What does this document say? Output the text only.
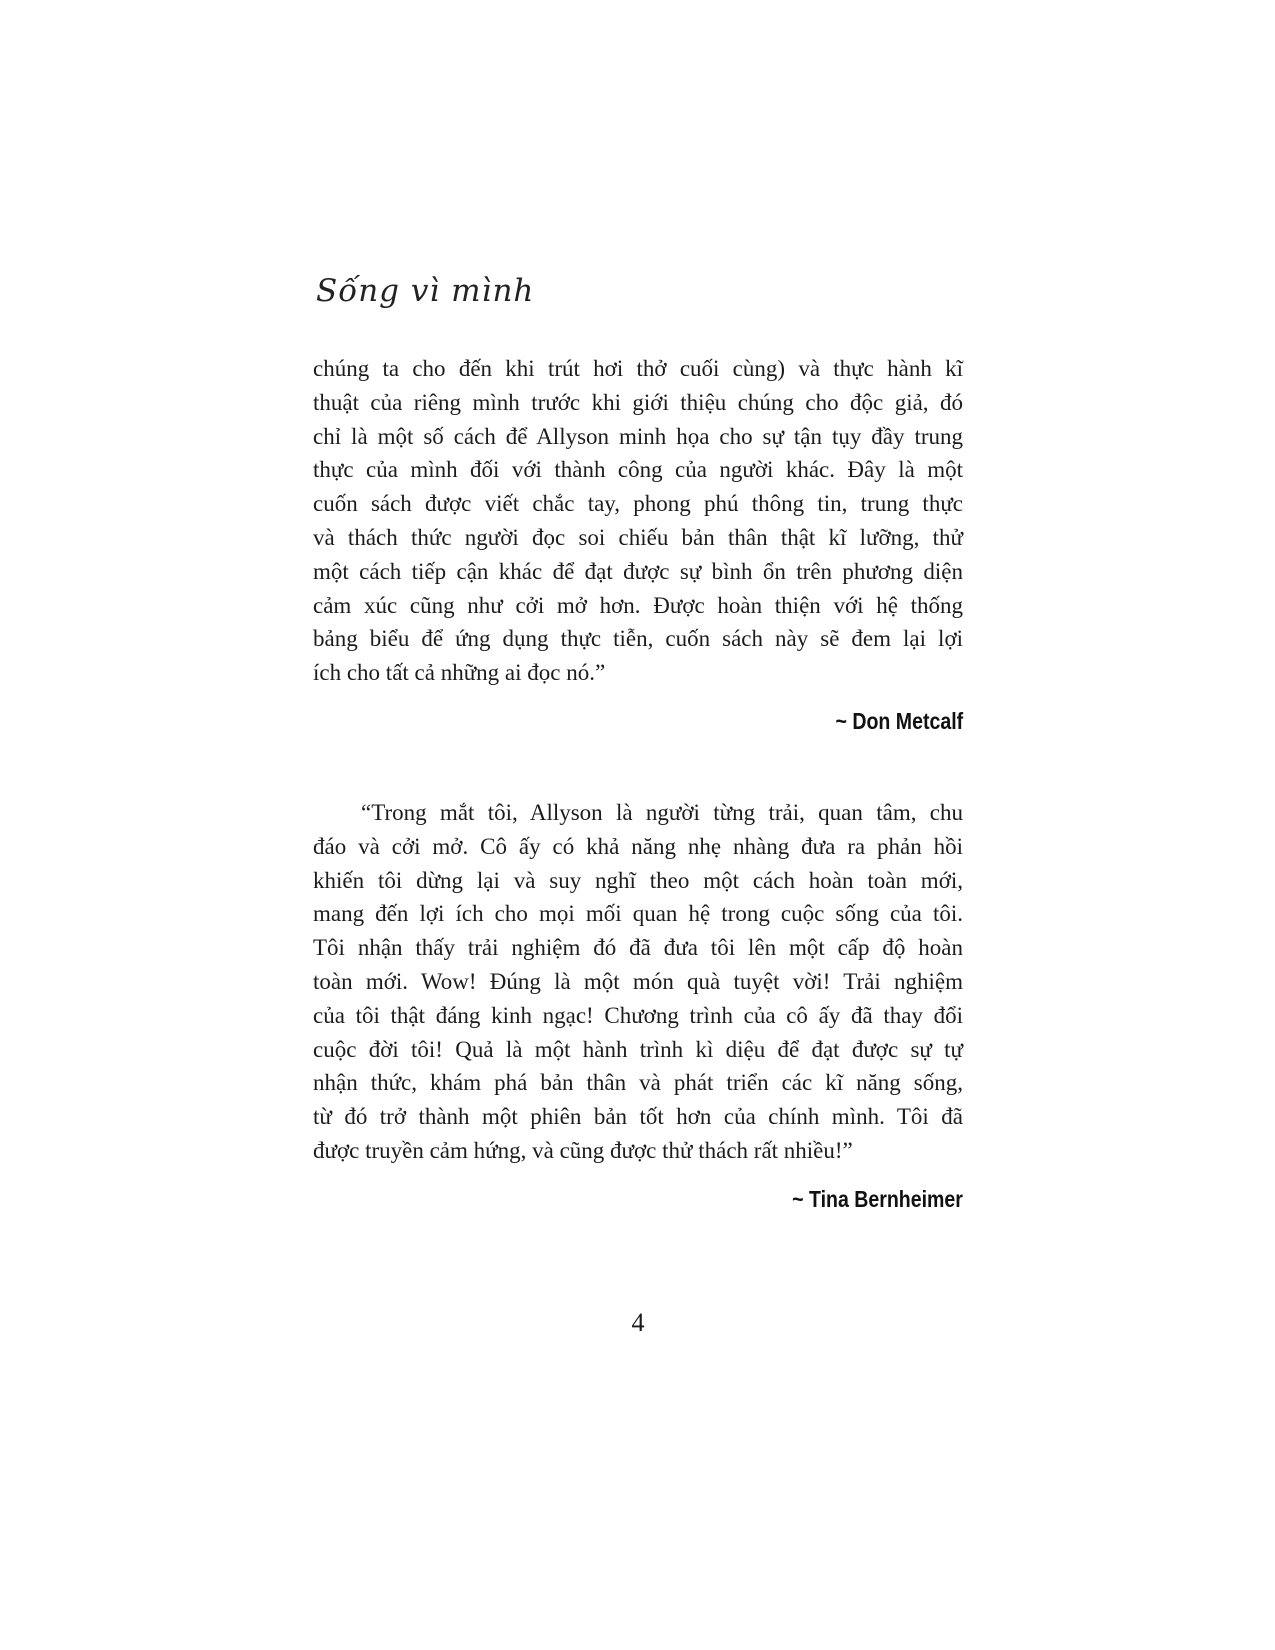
Sống vì mình
chúng ta cho đến khi trút hơi thở cuối cùng) và thực hành kĩ
thuật của riêng mình trước khi giới thiệu chúng cho độc giả, đó
chỉ là một số cách để Allyson minh họa cho sự tận tụy đầy trung
thực của mình đối với thành công của người khác. Đây là một
cuốn sách được viết chắc tay, phong phú thông tin, trung thực
và thách thức người đọc soi chiếu bản thân thật kĩ lưỡng, thử
một cách tiếp cận khác để đạt được sự bình ổn trên phương diện
cảm xúc cũng như cởi mở hơn. Được hoàn thiện với hệ thống
bảng biểu để ứng dụng thực tiễn, cuốn sách này sẽ đem lại lợi
ích cho tất cả những ai đọc nó.”
~ Don Metcalf
“Trong mắt tôi, Allyson là người từng trải, quan tâm, chu
đáo và cởi mở. Cô ấy có khả năng nhẹ nhàng đưa ra phản hồi
khiến tôi dừng lại và suy nghĩ theo một cách hoàn toàn mới,
mang đến lợi ích cho mọi mối quan hệ trong cuộc sống của tôi.
Tôi nhận thấy trải nghiệm đó đã đưa tôi lên một cấp độ hoàn
toàn mới. Wow! Đúng là một món quà tuyệt vời! Trải nghiệm
của tôi thật đáng kinh ngạc! Chương trình của cô ấy đã thay đổi
cuộc đời tôi! Quả là một hành trình kì diệu để đạt được sự tự
nhận thức, khám phá bản thân và phát triển các kĩ năng sống,
từ đó trở thành một phiên bản tốt hơn của chính mình. Tôi đã
được truyền cảm hứng, và cũng được thử thách rất nhiều!”
~ Tina Bernheimer
4
